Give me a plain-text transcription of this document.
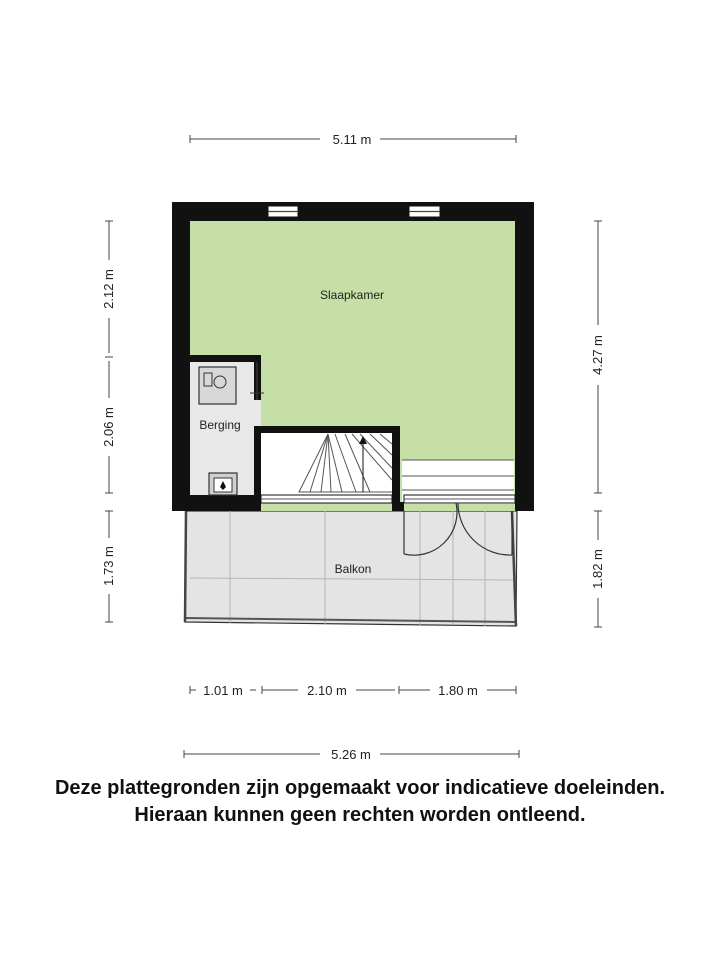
Slaapkamer
Berging
Balkon
5.11 m
2.12 m
2.06 m
1.73 m
4.27 m
1.82 m
1.01 m	2.10 m	1.80 m
5.26 m
Deze plattegronden zijn opgemaakt voor indicatieve doeleinden.
Hieraan kunnen geen rechten worden ontleend.
